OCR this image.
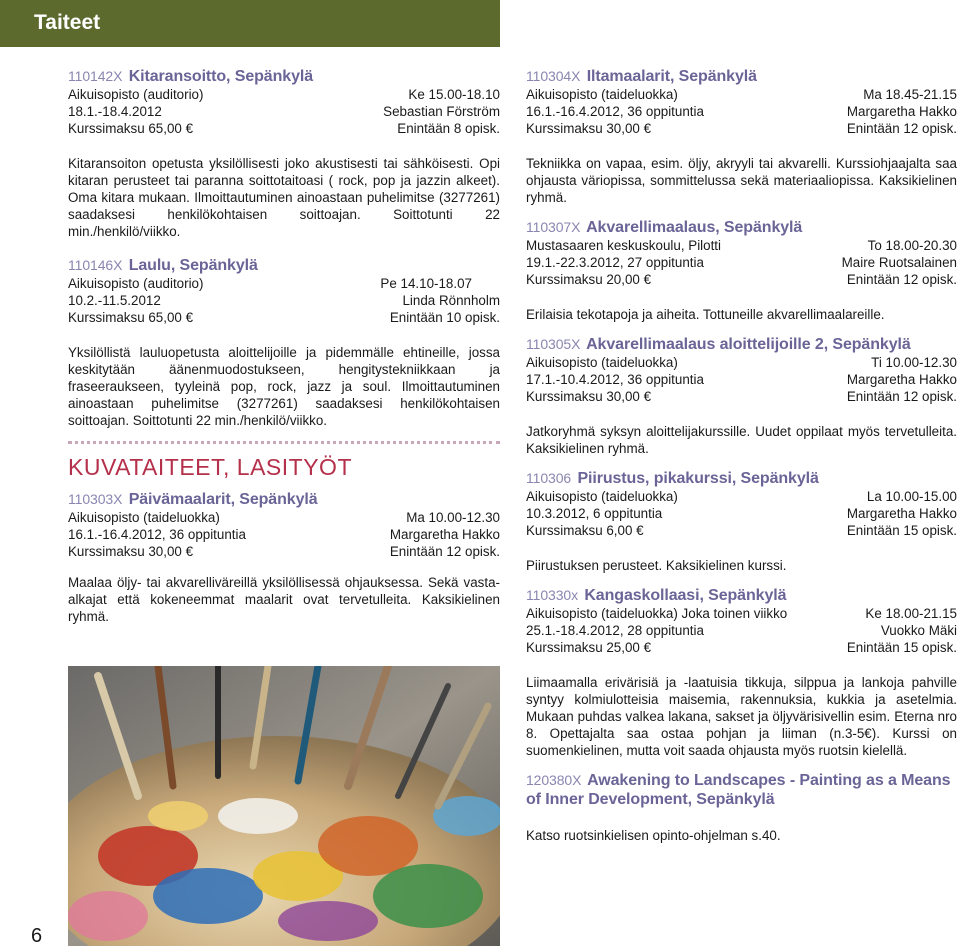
Taiteet
110142X Kitaransoitto, Sepänkylä
Aikuisopisto (auditorio)	Ke 15.00-18.10
18.1.-18.4.2012	Sebastian Förström
Kurssimaksu 65,00 €	Enintään 8 opisk.
Kitaransoiton opetusta yksilöllisesti joko akustisesti tai sähköisesti. Opi kitaran perusteet tai paranna soittotaitoasi ( rock, pop ja jazzin alkeet). Oma kitara mukaan. Ilmoittautuminen ainoastaan puhelimitse (3277261) saadaksesi henkilökohtaisen soittoajan. Soittotunti 22 min./henkilö/viikko.
110146X Laulu, Sepänkylä
Aikuisopisto (auditorio)	Pe 14.10-18.07
10.2.-11.5.2012	Linda Rönnholm
Kurssimaksu 65,00 €	Enintään 10 opisk.
Yksilöllistä lauluopetusta aloittelijoille ja pidemmälle ehtineille, jossa keskitytään äänenmuodostukseen, hengitystekniikkaan ja fraseeraukseen, tyyleinä pop, rock, jazz ja soul. Ilmoittautuminen ainoastaan puhelimitse (3277261) saadaksesi henkilökohtaisen soittoajan. Soittotunti 22 min./henkilö/viikko.
KUVATAITEET, LASITYÖT
110303X Päivämaalarit, Sepänkylä
Aikuisopisto (taideluokka)	Ma 10.00-12.30
16.1.-16.4.2012, 36 oppituntia	Margaretha Hakko
Kurssimaksu 30,00 €	Enintään 12 opisk.
Maalaa öljy- tai akvarelliväreillä yksilöllisessä ohjauksessa. Sekä vasta-alkajat että kokeneemmat maalarit ovat tervetulleita. Kaksikielinen ryhmä.
110304X Iltamaalarit, Sepänkylä
Aikuisopisto (taideluokka)	Ma 18.45-21.15
16.1.-16.4.2012, 36 oppituntia	Margaretha Hakko
Kurssimaksu 30,00 €	Enintään 12 opisk.
Tekniikka on vapaa, esim. öljy, akryyli tai akvarelli. Kurssiohjaajalta saa ohjausta väriopissa, sommittelussa sekä materiaaliopissa. Kaksikielinen ryhmä.
110307X Akvarellimaalaus, Sepänkylä
Mustasaaren keskuskoulu, Pilotti	To 18.00-20.30
19.1.-22.3.2012, 27 oppituntia	Maire Ruotsalainen
Kurssimaksu 20,00 €	Enintään 12 opisk.
Erilaisia tekotapoja ja aiheita. Tottuneille akvarellimaalareille.
110305X Akvarellimaalaus aloittelijoille 2, Sepänkylä
Aikuisopisto (taideluokka)	Ti 10.00-12.30
17.1.-10.4.2012, 36 oppituntia	Margaretha Hakko
Kurssimaksu 30,00 €	Enintään 12 opisk.
Jatkoryhmä syksyn aloittelijakurssille. Uudet oppilaat myös tervetulleita. Kaksikielinen ryhmä.
110306 Piirustus, pikakurssi, Sepänkylä
Aikuisopisto (taideluokka)	La 10.00-15.00
10.3.2012, 6 oppituntia	Margaretha Hakko
Kurssimaksu 6,00 €	Enintään 15 opisk.
Piirustuksen perusteet. Kaksikielinen kurssi.
110330x Kangaskollaasi, Sepänkylä
Aikuisopisto (taideluokka) Joka toinen viikko	Ke 18.00-21.15
25.1.-18.4.2012, 28 oppituntia	Vuokko Mäki
Kurssimaksu 25,00 €	Enintään 15 opisk.
Liimaamalla erivärisiä ja -laatuisia tikkuja, silppua ja lankoja pahville syntyy kolmiulotteisia maisemia, rakennuksia, kukkia ja asetelmia. Mukaan puhdas valkea lakana, sakset ja öljyvärisivellin esim. Eterna nro 8. Opettajalta saa ostaa pohjan ja liiman (n.3-5€). Kurssi on suomenkielinen, mutta voit saada ohjausta myös ruotsin kielellä.
120380X Awakening to Landscapes - Painting as a Means of Inner Development, Sepänkylä
Katso ruotsinkielisen opinto-ohjelman s.40.
6
